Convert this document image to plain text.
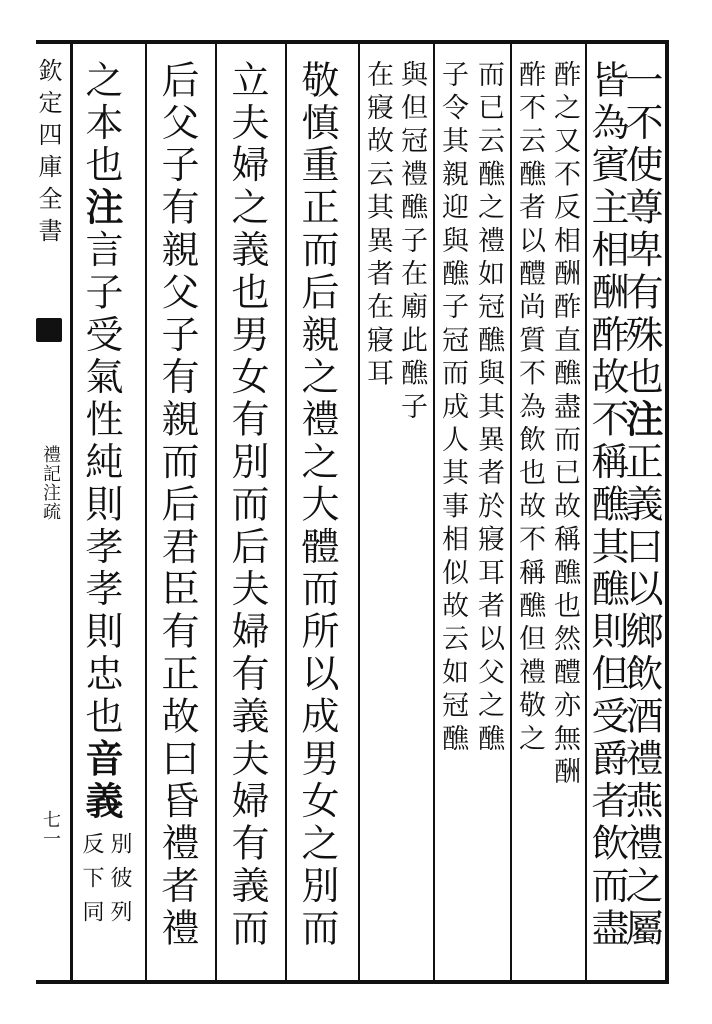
欽定四庫全書
禮記注疏
七一
一不使尊卑有殊也注正義曰以鄉飲酒禮燕禮之屬
皆為賓主相酬酢故不稱醮其醮則但受爵者飲而盡
酢之又不反相酬酢直醮盡而已故稱醮也然醴亦無酬
酢不云醮者以醴尚質不為飲也故不稱醮但禮敬之
而已云醮之禮如冠醮與其異者於寢耳者以父之醮
子令其親迎與醮子冠而成人其事相似故云如冠醮
與但冠禮醮子在廟此醮子
在寢故云其異者在寢耳
敬慎重正而后親之禮之大體而所以成男女之別而
立夫婦之義也男女有別而后夫婦有義夫婦有義而
后父子有親父子有親而后君臣有正故曰昏禮者禮
之本也注言子受氣性純則孝孝則忠也音義
別彼列
反下同
